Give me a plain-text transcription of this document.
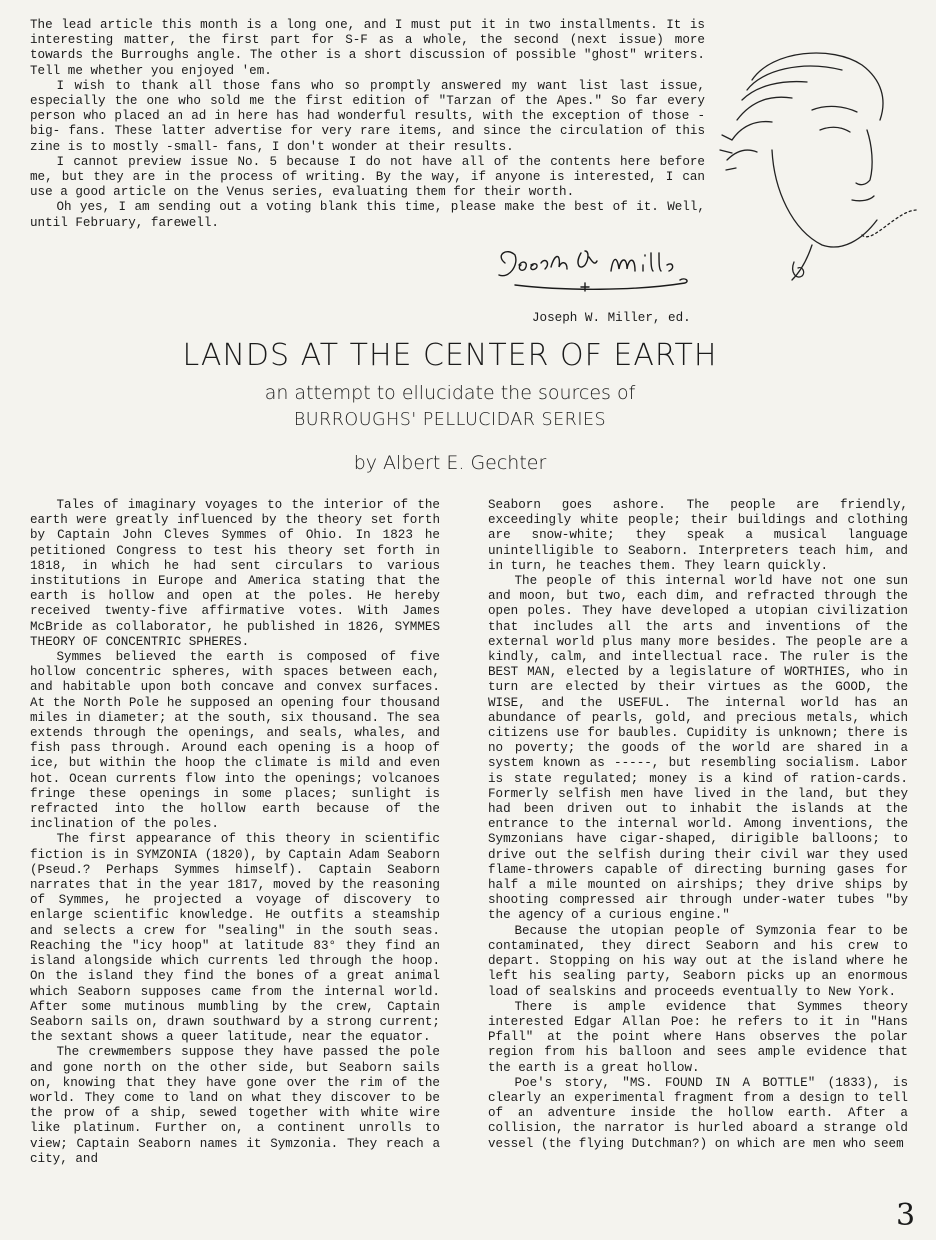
The lead article this month is a long one, and I must put it in two installments. It is interesting matter, the first part for S-F as a whole, the second (next issue) more towards the Burroughs angle. The other is a short discussion of possible "ghost" writers. Tell me whether you enjoyed 'em.

I wish to thank all those fans who so promptly answered my want list last issue, especially the one who sold me the first edition of "Tarzan of the Apes." So far every person who placed an ad in here has had wonderful results, with the exception of those -big- fans. These latter advertise for very rare items, and since the circulation of this zine is to mostly -small- fans, I don't wonder at their results.

I cannot preview issue No. 5 because I do not have all of the contents here before me, but they are in the process of writing. By the way, if anyone is interested, I can use a good article on the Venus series, evaluating them for their worth.

Oh yes, I am sending out a voting blank this time, please make the best of it. Well, until February, farewell.

Joseph W. Miller, ed.
LANDS AT THE CENTER OF EARTH
an attempt to ellucidate the sources of
BURROUGHS' PELLUCIDAR SERIES
by Albert E. Gechter

Tales of imaginary voyages to the interior of the earth were greatly influenced by the theory set forth by Captain John Cleves Symmes of Ohio. In 1823 he petitioned Congress to test his theory set forth in 1818, in which he had sent circulars to various institutions in Europe and America stating that the earth is hollow and open at the poles. He hereby received twenty-five affirmative votes. With James McBride as collaborator, he published in 1826, SYMMES THEORY OF CONCENTRIC SPHERES.

Symmes believed the earth is composed of five hollow concentric spheres, with spaces between each, and habitable upon both concave and convex surfaces. At the North Pole he supposed an opening four thousand miles in diameter; at the south, six thousand. The sea extends through the openings, and seals, whales, and fish pass through. Around each opening is a hoop of ice, but within the hoop the climate is mild and even hot. Ocean currents flow into the openings; volcanoes fringe these openings in some places; sunlight is refracted into the hollow earth because of the inclination of the poles.

The first appearance of this theory in scientific fiction is in SYMZONIA (1820), by Captain Adam Seaborn (Pseud.? Perhaps Symmes himself). Captain Seaborn narrates that in the year 1817, moved by the reasoning of Symmes, he projected a voyage of discovery to enlarge scientific knowledge. He outfits a steamship and selects a crew for "sealing" in the south seas. Reaching the "icy hoop" at latitude 83° they find an island alongside which currents led through the hoop. On the island they find the bones of a great animal which Seaborn supposes came from the internal world. After some mutinous mumbling by the crew, Captain Seaborn sails on, drawn southward by a strong current; the sextant shows a queer latitude, near the equator.

The crewmembers suppose they have passed the pole and gone north on the other side, but Seaborn sails on, knowing that they have gone over the rim of the world. They come to land on what they discover to be the prow of a ship, sewed together with white wire like platinum. Further on, a continent unrolls to view; Captain Seaborn names it Symzonia. They reach a city, and

Seaborn goes ashore. The people are friendly, exceedingly white people; their buildings and clothing are snow-white; they speak a musical language unintelligible to Seaborn. Interpreters teach him, and in turn, he teaches them. They learn quickly.

The people of this internal world have not one sun and moon, but two, each dim, and refracted through the open poles. They have developed a utopian civilization that includes all the arts and inventions of the external world plus many more besides. The people are a kindly, calm, and intellectual race. The ruler is the BEST MAN, elected by a legislature of WORTHIES, who in turn are elected by their virtues as the GOOD, the WISE, and the USEFUL. The internal world has an abundance of pearls, gold, and precious metals, which citizens use for baubles. Cupidity is unknown; there is no poverty; the goods of the world are shared in a system known as -----, but resembling socialism. Labor is state regulated; money is a kind of ration-cards. Formerly selfish men have lived in the land, but they had been driven out to inhabit the islands at the entrance to the internal world. Among inventions, the Symzonians have cigar-shaped, dirigible balloons; to drive out the selfish during their civil war they used flame-throwers capable of directing burning gases for half a mile mounted on airships; they drive ships by shooting compressed air through under-water tubes "by the agency of a curious engine."

Because the utopian people of Symzonia fear to be contaminated, they direct Seaborn and his crew to depart. Stopping on his way out at the island where he left his sealing party, Seaborn picks up an enormous load of sealskins and proceeds eventually to New York.

There is ample evidence that Symmes theory interested Edgar Allan Poe: he refers to it in "Hans Pfall" at the point where Hans observes the polar region from his balloon and sees ample evidence that the earth is a great hollow.

Poe's story, "MS. FOUND IN A BOTTLE" (1833), is clearly an experimental fragment from a design to tell of an adventure inside the hollow earth. After a collision, the narrator is hurled aboard a strange old vessel (the flying Dutchman?) on which are men who seem

3
